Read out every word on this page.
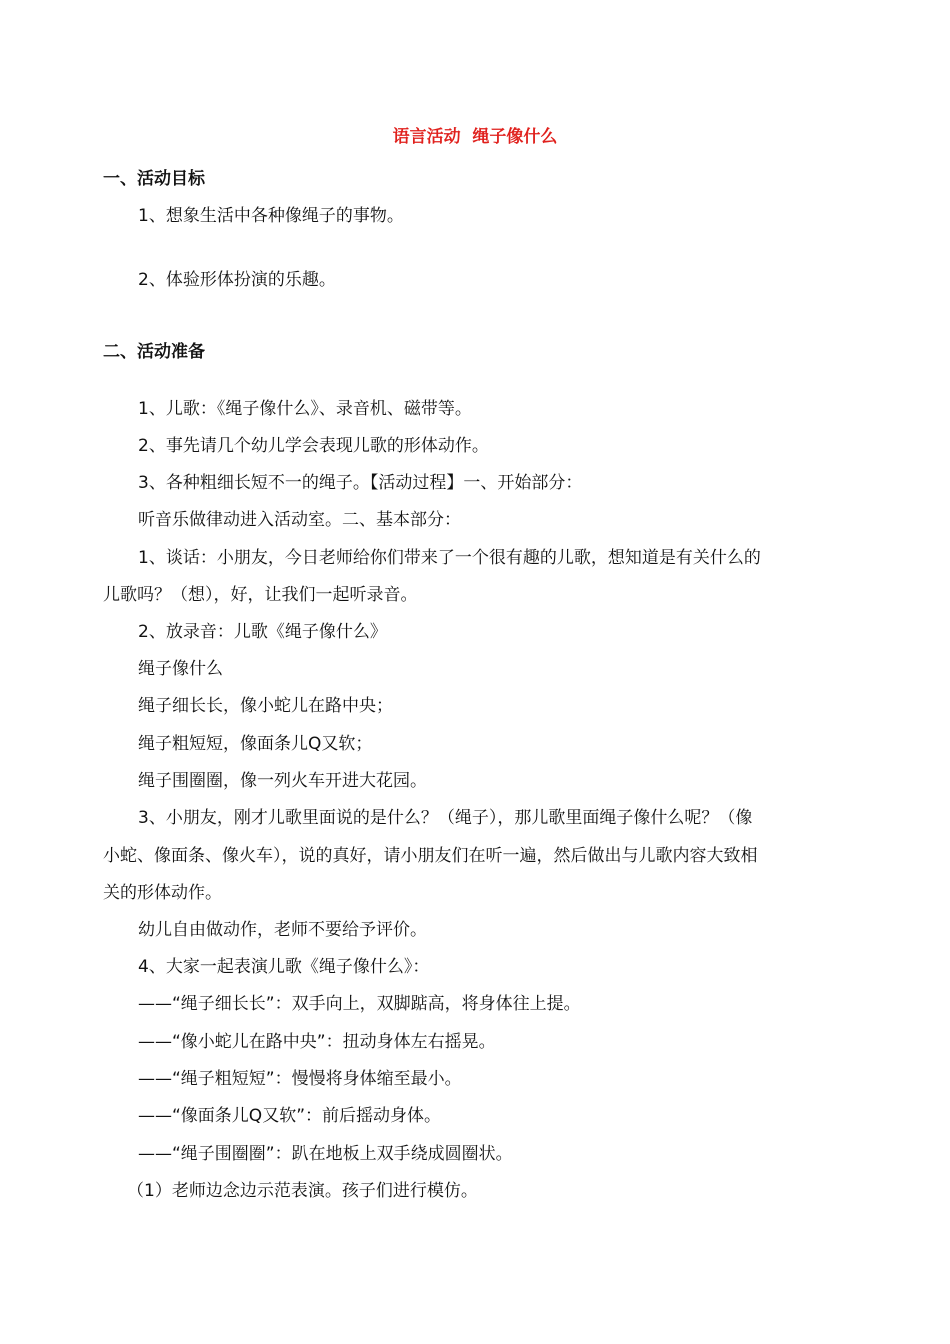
语言活动  绳子像什么
一、活动目标
1、想象生活中各种像绳子的事物。
2、体验形体扮演的乐趣。
二、活动准备
1、儿歌：《绳子像什么》、录音机、磁带等。
2、事先请几个幼儿学会表现儿歌的形体动作。
3、各种粗细长短不一的绳子。【活动过程】一、开始部分：
听音乐做律动进入活动室。二、基本部分：
1、谈话：小朋友，今日老师给你们带来了一个很有趣的儿歌，想知道是有关什么的
儿歌吗？（想），好，让我们一起听录音。
2、放录音：儿歌《绳子像什么》
绳子像什么
绳子细长长，像小蛇儿在路中央；
绳子粗短短，像面条儿Q又软；
绳子围圈圈，像一列火车开进大花园。
3、小朋友，刚才儿歌里面说的是什么？（绳子），那儿歌里面绳子像什么呢？（像
小蛇、像面条、像火车），说的真好，请小朋友们在听一遍，然后做出与儿歌内容大致相
关的形体动作。
幼儿自由做动作，老师不要给予评价。
4、大家一起表演儿歌《绳子像什么》：
——“绳子细长长”：双手向上，双脚踮高，将身体往上提。
——“像小蛇儿在路中央”：扭动身体左右摇晃。
——“绳子粗短短”：慢慢将身体缩至最小。
——“像面条儿Q又软”：前后摇动身体。
——“绳子围圈圈”：趴在地板上双手绕成圆圈状。
（1）老师边念边示范表演。孩子们进行模仿。
